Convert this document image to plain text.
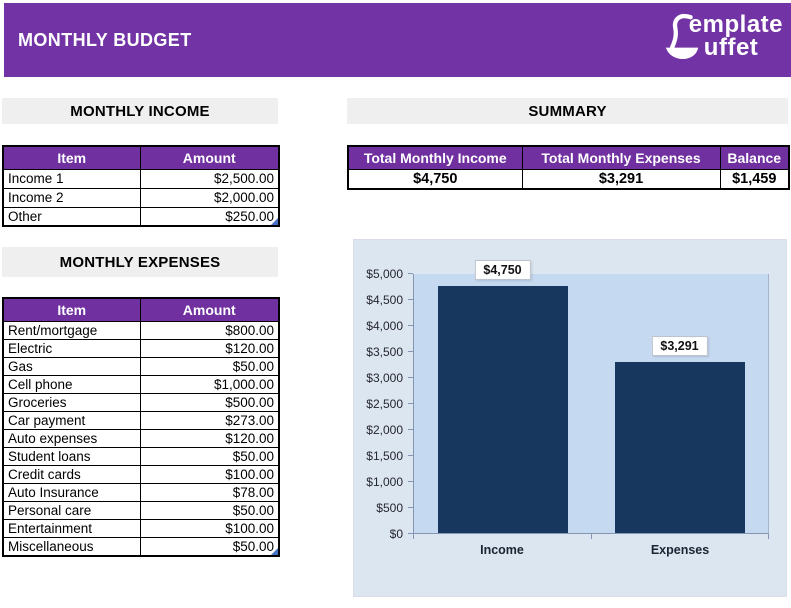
MONTHLY BUDGET
emplate
uffet
MONTHLY INCOME	SUMMARY
MONTHLY EXPENSES
Item	Amount
Income 1	$2,500.00
Income 2	$2,000.00
Other	$250.00
Total Monthly Income	Total Monthly Expenses	Balance
$4,750	$3,291	$1,459
Item	Amount
Rent/mortgage	$800.00
Electric	$120.00
Gas	$50.00
Cell phone	$1,000.00
Groceries	$500.00
Car payment	$273.00
Auto expenses	$120.00
Student loans	$50.00
Credit cards	$100.00
Auto Insurance	$78.00
Personal care	$50.00
Entertainment	$100.00
Miscellaneous	$50.00
$0
$500
$1,000
$1,500
$2,000
$2,500
$3,000
$3,500
$4,000
$4,500
$5,000	$4,750
$3,291
Income	Expenses
